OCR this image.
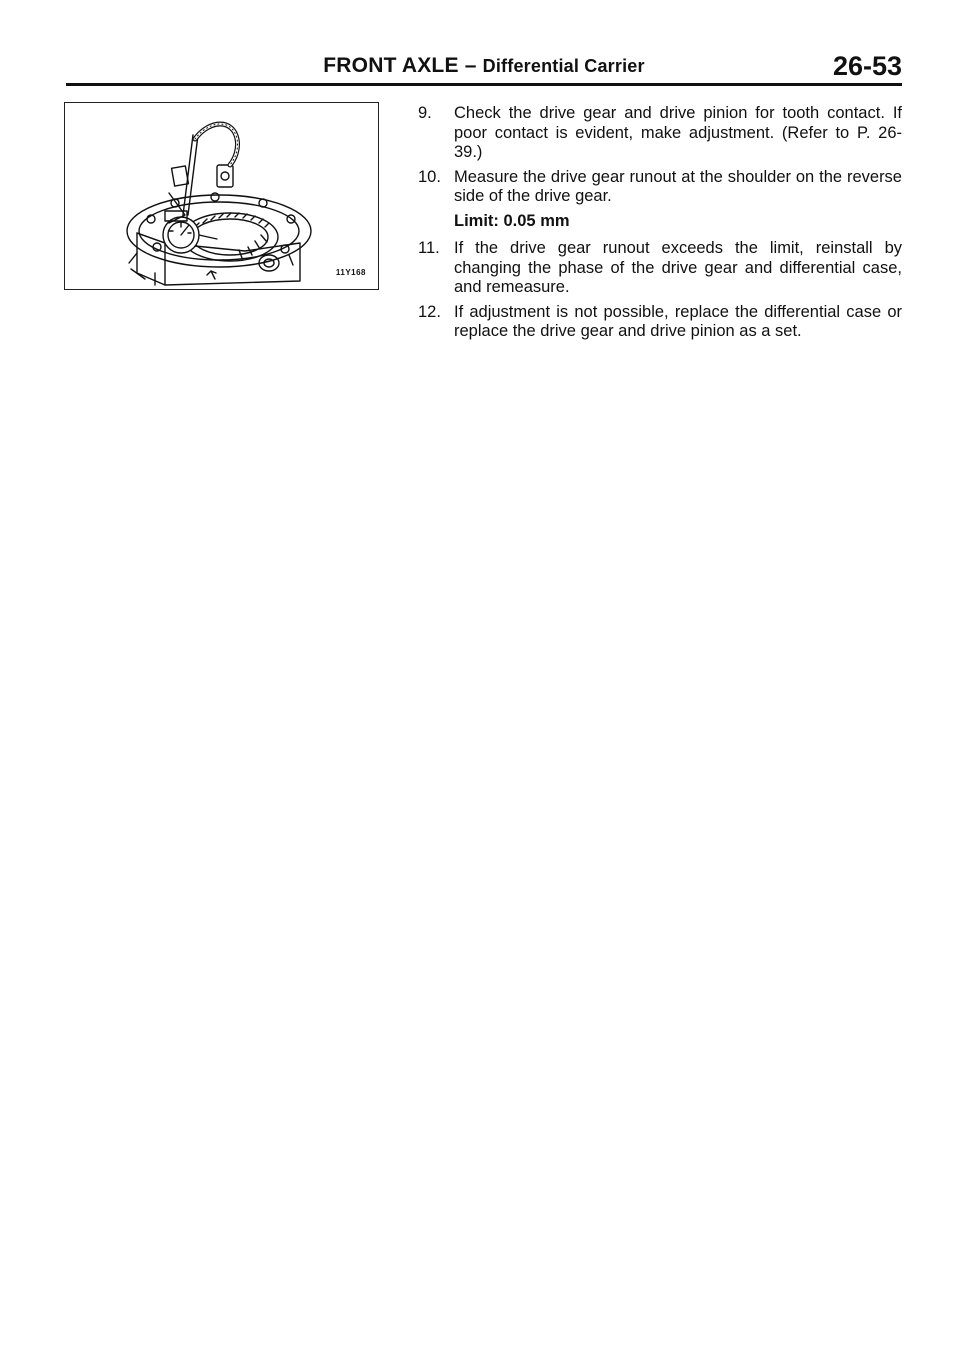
FRONT AXLE – Differential Carrier	26-53
11Y168
9. Check the drive gear and drive pinion for tooth contact. If poor contact is evident, make adjustment. (Refer to P. 26-39.)
10. Measure the drive gear runout at the shoulder on the reverse side of the drive gear.
Limit: 0.05 mm
11. If the drive gear runout exceeds the limit, reinstall by changing the phase of the drive gear and differential case, and remeasure.
12. If adjustment is not possible, replace the differential case or replace the drive gear and drive pinion as a set.
